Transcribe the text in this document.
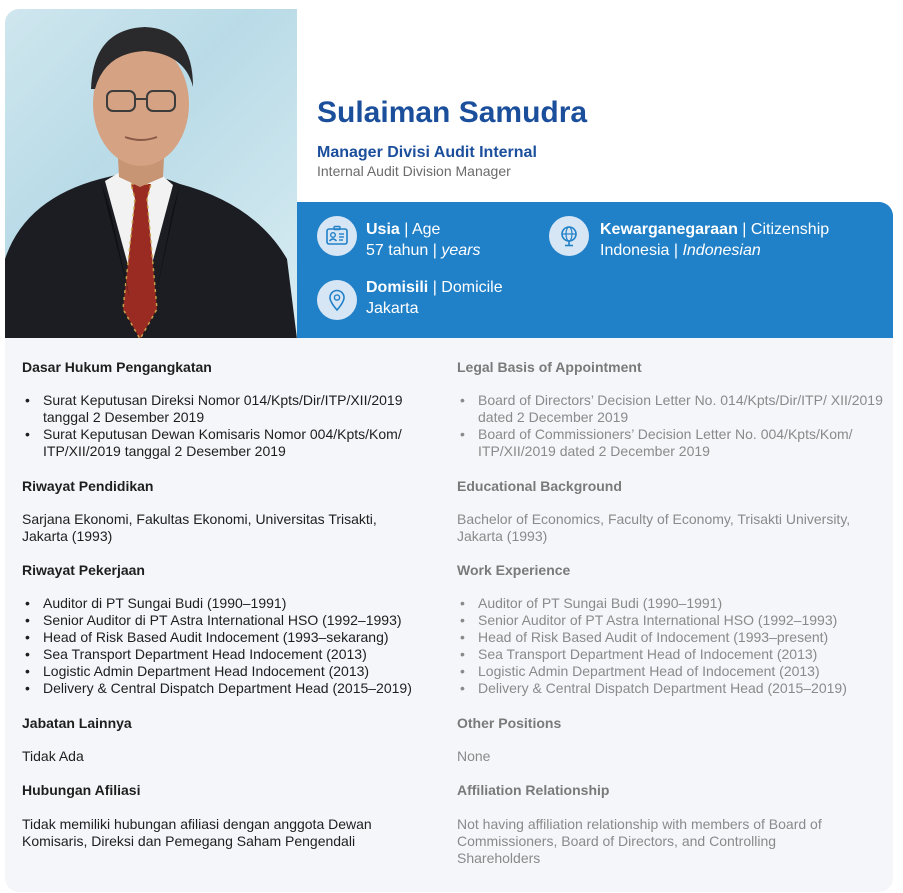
Sulaiman Samudra
Manager Divisi Audit Internal
Internal Audit Division Manager
Usia | Age
57 tahun | years
Kewarganegaraan | Citizenship
Indonesia | Indonesian
Domisili | Domicile
Jakarta
Dasar Hukum Pengangkatan
• Surat Keputusan Direksi Nomor 014/Kpts/Dir/ITP/XII/2019 tanggal 2 Desember 2019
• Surat Keputusan Dewan Komisaris Nomor 004/Kpts/Kom/ ITP/XII/2019 tanggal 2 Desember 2019
Riwayat Pendidikan
Sarjana Ekonomi, Fakultas Ekonomi, Universitas Trisakti, Jakarta (1993)
Riwayat Pekerjaan
• Auditor di PT Sungai Budi (1990–1991)
• Senior Auditor di PT Astra International HSO (1992–1993)
• Head of Risk Based Audit Indocement (1993–sekarang)
• Sea Transport Department Head Indocement (2013)
• Logistic Admin Department Head Indocement (2013)
• Delivery & Central Dispatch Department Head (2015–2019)
Jabatan Lainnya
Tidak Ada
Hubungan Afiliasi
Tidak memiliki hubungan afiliasi dengan anggota Dewan Komisaris, Direksi dan Pemegang Saham Pengendali
Legal Basis of Appointment
• Board of Directors’ Decision Letter No. 014/Kpts/Dir/ITP/ XII/2019 dated 2 December 2019
• Board of Commissioners’ Decision Letter No. 004/Kpts/Kom/ ITP/XII/2019 dated 2 December 2019
Educational Background
Bachelor of Economics, Faculty of Economy, Trisakti University, Jakarta (1993)
Work Experience
• Auditor of PT Sungai Budi (1990–1991)
• Senior Auditor of PT Astra International HSO (1992–1993)
• Head of Risk Based Audit of Indocement (1993–present)
• Sea Transport Department Head of Indocement (2013)
• Logistic Admin Department Head of Indocement (2013)
• Delivery & Central Dispatch Department Head (2015–2019)
Other Positions
None
Affiliation Relationship
Not having affiliation relationship with members of Board of Commissioners, Board of Directors, and Controlling Shareholders
